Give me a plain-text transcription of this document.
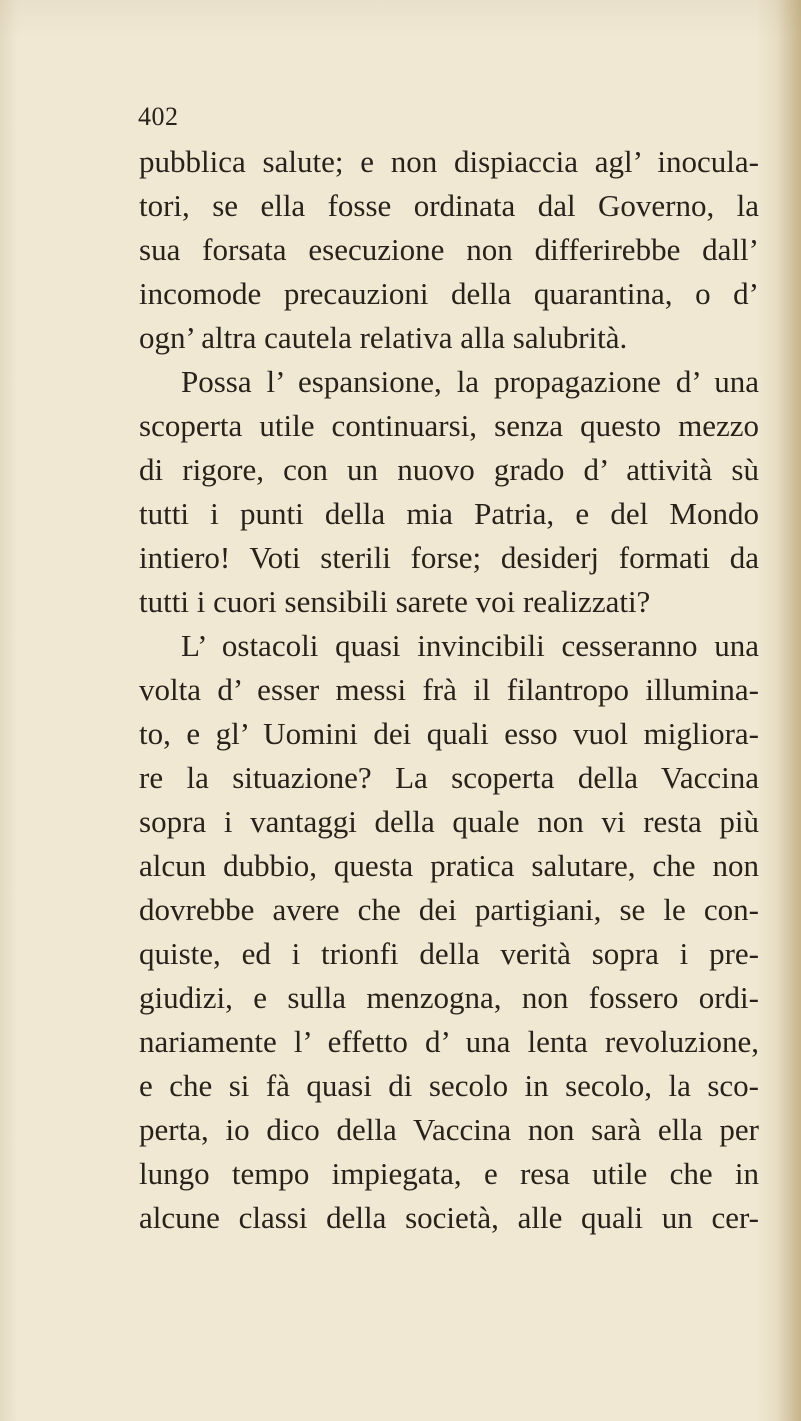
402
pubblica salute; e non dispiaccia agl’ inocula-
tori, se ella fosse ordinata dal Governo, la
sua forsata esecuzione non differirebbe dall’
incomode precauzioni della quarantina, o d’
ogn’ altra cautela relativa alla salubrità.
Possa l’ espansione, la propagazione d’ una
scoperta utile continuarsi, senza questo mezzo
di rigore, con un nuovo grado d’ attività sù
tutti i punti della mia Patria, e del Mondo
intiero! Voti sterili forse; desiderj formati da
tutti i cuori sensibili sarete voi realizzati?
L’ ostacoli quasi invincibili cesseranno una
volta d’ esser messi frà il filantropo illumina-
to, e gl’ Uomini dei quali esso vuol migliora-
re la situazione? La scoperta della Vaccina
sopra i vantaggi della quale non vi resta più
alcun dubbio, questa pratica salutare, che non
dovrebbe avere che dei partigiani, se le con-
quiste, ed i trionfi della verità sopra i pre-
giudizi, e sulla menzogna, non fossero ordi-
nariamente l’ effetto d’ una lenta revoluzione,
e che si fà quasi di secolo in secolo, la sco-
perta, io dico della Vaccina non sarà ella per
lungo tempo impiegata, e resa utile che in
alcune classi della società, alle quali un cer-
